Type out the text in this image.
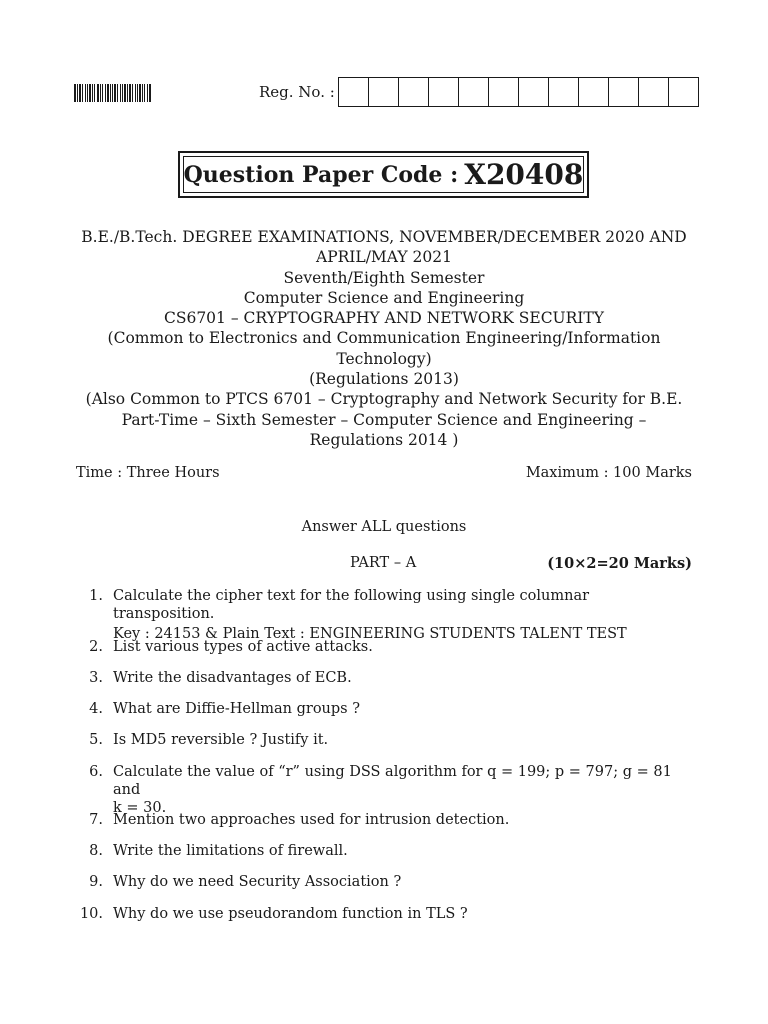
Reg. No. :
Question Paper Code : X20408
B.E./B.Tech. DEGREE EXAMINATIONS, NOVEMBER/DECEMBER 2020 AND
APRIL/MAY 2021
Seventh/Eighth Semester
Computer Science and Engineering
CS6701 – CRYPTOGRAPHY AND NETWORK SECURITY
(Common to Electronics and Communication Engineering/Information
Technology)
(Regulations 2013)
(Also Common to PTCS 6701 – Cryptography and Network Security for B.E.
Part-Time – Sixth Semester – Computer Science and Engineering –
Regulations 2014 )
Time : Three Hours	Maximum : 100 Marks
Answer ALL questions
PART – A	(10×2=20 Marks)
1. Calculate the cipher text for the following using single columnar transposition.
Key : 24153 & Plain Text : ENGINEERING STUDENTS TALENT TEST
2. List various types of active attacks.
3. Write the disadvantages of ECB.
4. What are Diffie-Hellman groups ?
5. Is MD5 reversible ? Justify it.
6. Calculate the value of “r” using DSS algorithm for q = 199; p = 797; g = 81 and
k = 30.
7. Mention two approaches used for intrusion detection.
8. Write the limitations of firewall.
9. Why do we need Security Association ?
10. Why do we use pseudorandom function in TLS ?
